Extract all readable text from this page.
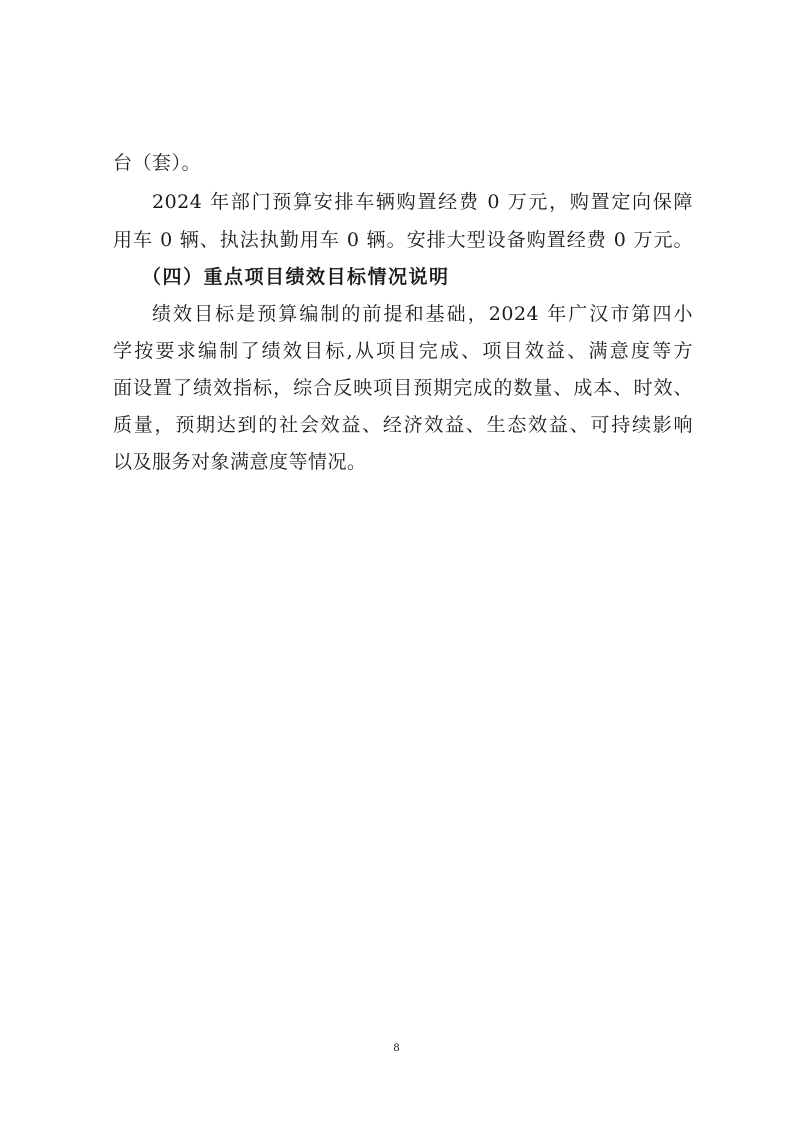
台（套）。
2024 年部门预算安排车辆购置经费 0 万元，购置定向保障
用车 0 辆、执法执勤用车 0 辆。安排大型设备购置经费 0 万元。
（四）重点项目绩效目标情况说明
绩效目标是预算编制的前提和基础，2024 年广汉市第四小
学按要求编制了绩效目标,从项目完成、项目效益、满意度等方
面设置了绩效指标，综合反映项目预期完成的数量、成本、时效、
质量，预期达到的社会效益、经济效益、生态效益、可持续影响
以及服务对象满意度等情况。
8
